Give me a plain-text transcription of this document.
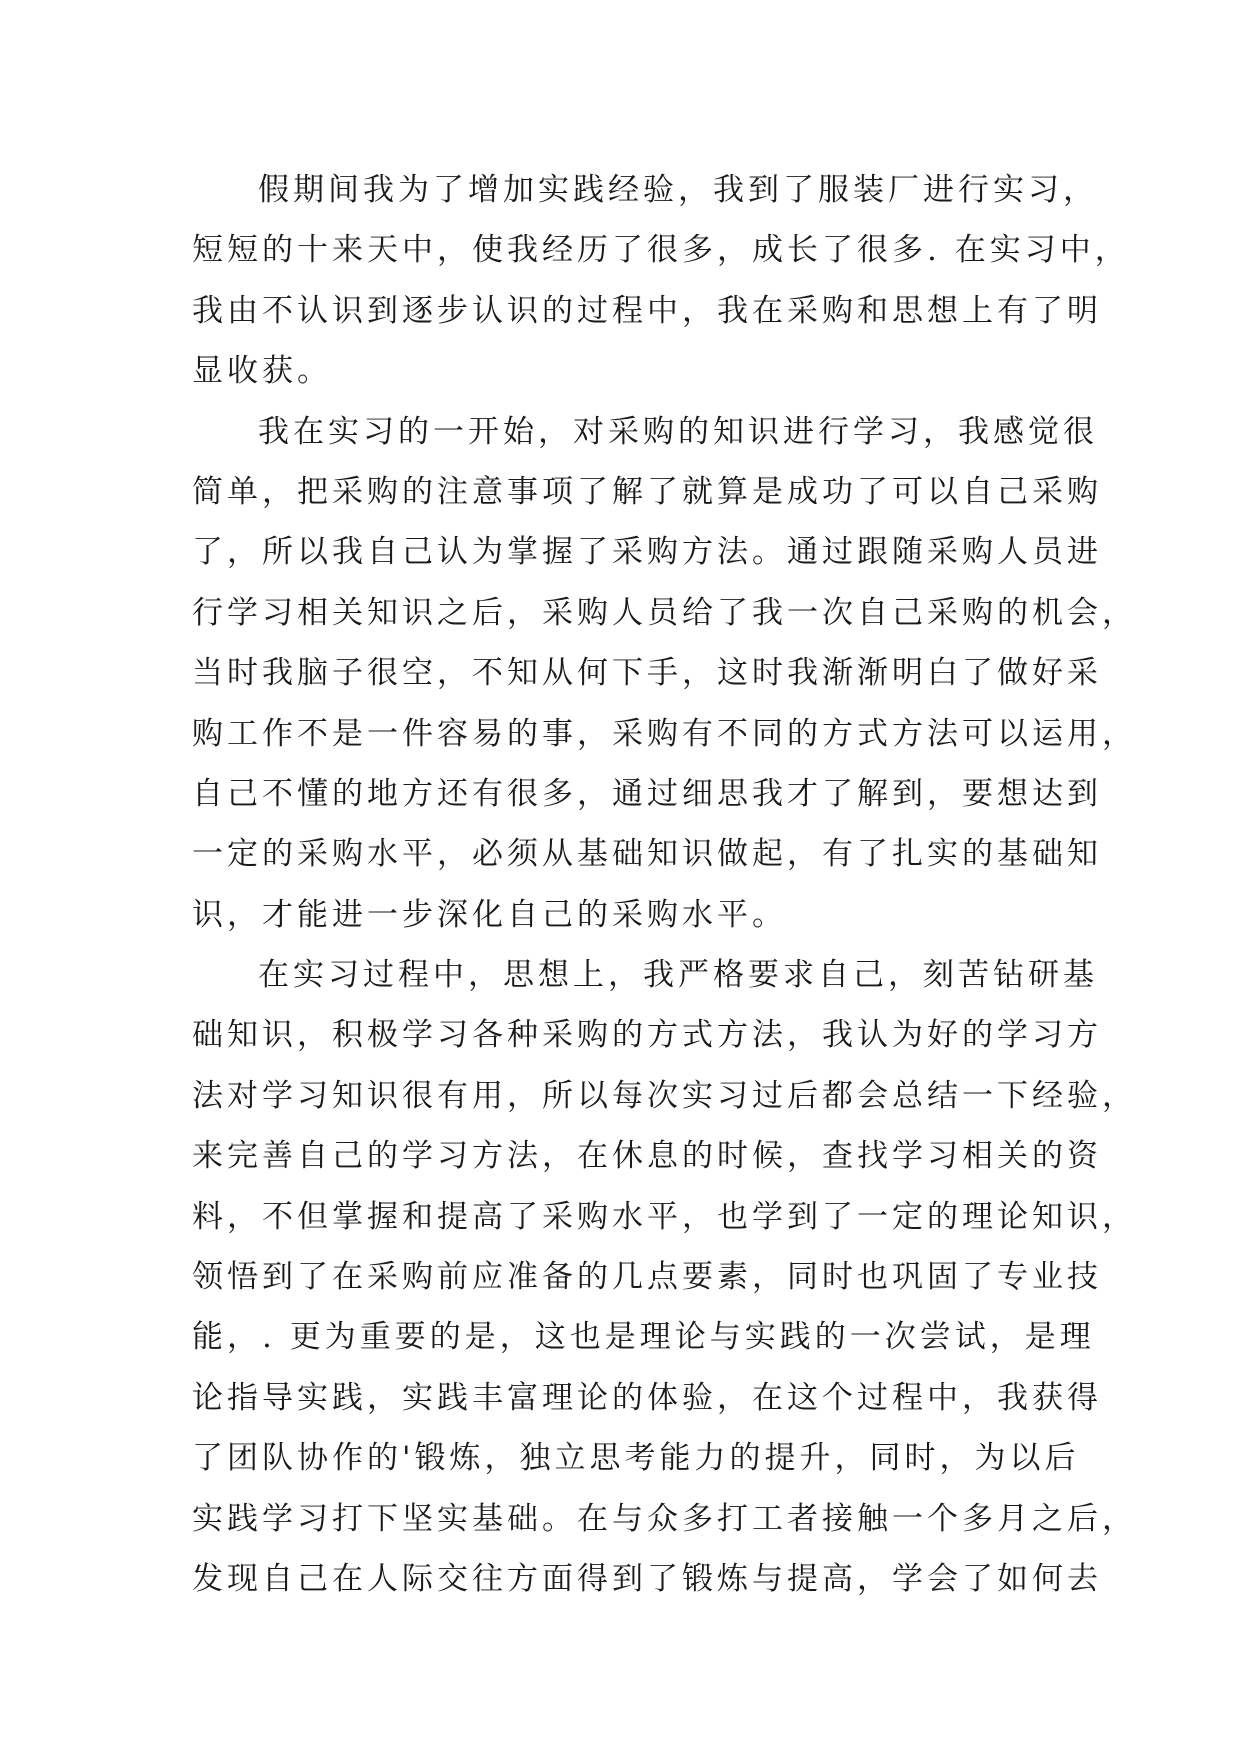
假期间我为了增加实践经验，我到了服装厂进行实习，
短短的十来天中，使我经历了很多，成长了很多. 在实习中，
我由不认识到逐步认识的过程中，我在采购和思想上有了明
显收获。
我在实习的一开始，对采购的知识进行学习，我感觉很
简单，把采购的注意事项了解了就算是成功了可以自己采购
了，所以我自己认为掌握了采购方法。通过跟随采购人员进
行学习相关知识之后，采购人员给了我一次自己采购的机会，
当时我脑子很空，不知从何下手，这时我渐渐明白了做好采
购工作不是一件容易的事，采购有不同的方式方法可以运用，
自己不懂的地方还有很多，通过细思我才了解到，要想达到
一定的采购水平，必须从基础知识做起，有了扎实的基础知
识，才能进一步深化自己的采购水平。
在实习过程中，思想上，我严格要求自己，刻苦钻研基
础知识，积极学习各种采购的方式方法，我认为好的学习方
法对学习知识很有用，所以每次实习过后都会总结一下经验，
来完善自己的学习方法，在休息的时候，查找学习相关的资
料，不但掌握和提高了采购水平，也学到了一定的理论知识，
领悟到了在采购前应准备的几点要素，同时也巩固了专业技
能，. 更为重要的是，这也是理论与实践的一次尝试，是理
论指导实践，实践丰富理论的体验，在这个过程中，我获得
了团队协作的'锻炼，独立思考能力的提升，同时，为以后
实践学习打下坚实基础。在与众多打工者接触一个多月之后，
发现自己在人际交往方面得到了锻炼与提高，学会了如何去
